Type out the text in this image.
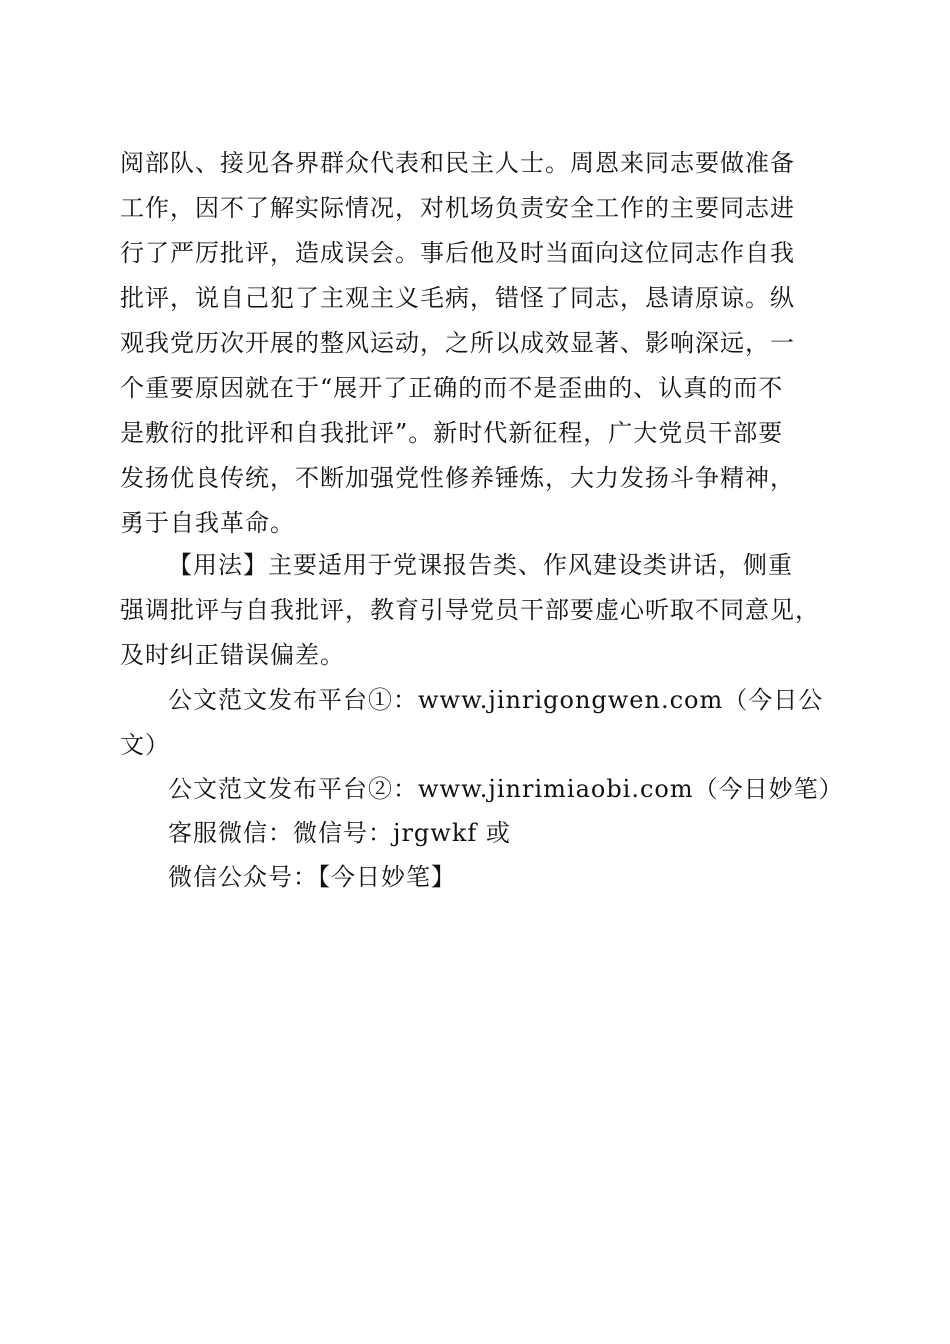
阅部队、接见各界群众代表和民主人士。周恩来同志要做准备
工作，因不了解实际情况，对机场负责安全工作的主要同志进
行了严厉批评，造成误会。事后他及时当面向这位同志作自我
批评，说自己犯了主观主义毛病，错怪了同志，恳请原谅。纵
观我党历次开展的整风运动，之所以成效显著、影响深远，一
个重要原因就在于“展开了正确的而不是歪曲的、认真的而不
是敷衍的批评和自我批评”。新时代新征程，广大党员干部要
发扬优良传统，不断加强党性修养锤炼，大力发扬斗争精神，
勇于自我革命。
【用法】主要适用于党课报告类、作风建设类讲话，侧重
强调批评与自我批评，教育引导党员干部要虚心听取不同意见，
及时纠正错误偏差。
公文范文发布平台①：www.jinrigongwen.com（今日公
文）
公文范文发布平台②：www.jinrimiaobi.com（今日妙笔）
客服微信：微信号：jrgwkf 或
微信公众号：【今日妙笔】
